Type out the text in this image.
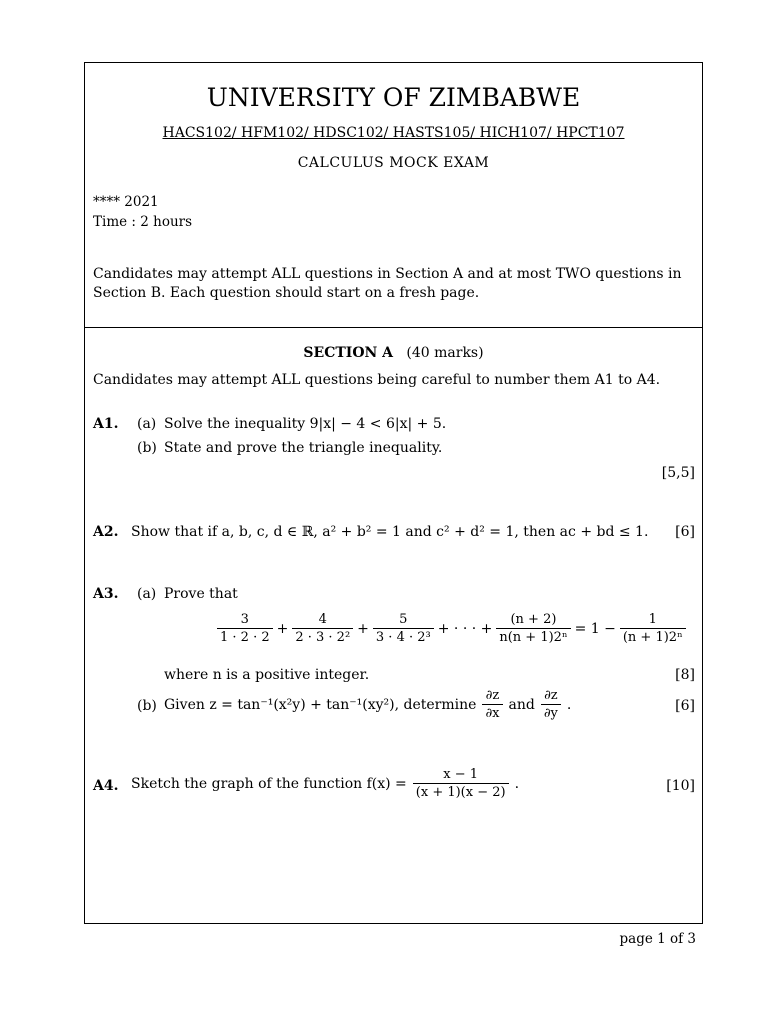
UNIVERSITY OF ZIMBABWE
HACS102/ HFM102/ HDSC102/ HASTS105/ HICH107/ HPCT107
CALCULUS MOCK EXAM
**** 2021
Time : 2 hours
Candidates may attempt ALL questions in Section A and at most TWO questions in Section B. Each question should start on a fresh page.
SECTION A (40 marks)
Candidates may attempt ALL questions being careful to number them A1 to A4.
A1. (a) Solve the inequality 9|x| − 4 < 6|x| + 5.
(b) State and prove the triangle inequality.
[5,5]
A2. Show that if a, b, c, d ∈ ℝ, a² + b² = 1 and c² + d² = 1, then ac + bd ≤ 1. [6]
A3. (a) Prove that
$\frac{3}{1 \cdot 2 \cdot 2} + \frac{4}{\text{2 · 3 · 2²}} + \frac{5}{\text{3 · 4 · 2³}}$ + · · · + $\frac{(n + 2)}{\text{n(n + 1)2ⁿ}} = 1 - \frac{1}{\text{(n + 1)2ⁿ}}$
where n is a positive integer.	[8]
(b) Given z = tan⁻¹(x²y) + tan⁻¹(xy²), determine $\frac{\partial z}{\partial x}$ and $\frac{\partial z}{\partial y}$ .	[6]
A4. Sketch the graph of the function $f(x) = \frac{x - 1}{(x + 1)(x - 2)}$ .	[10]
page 1 of 3
